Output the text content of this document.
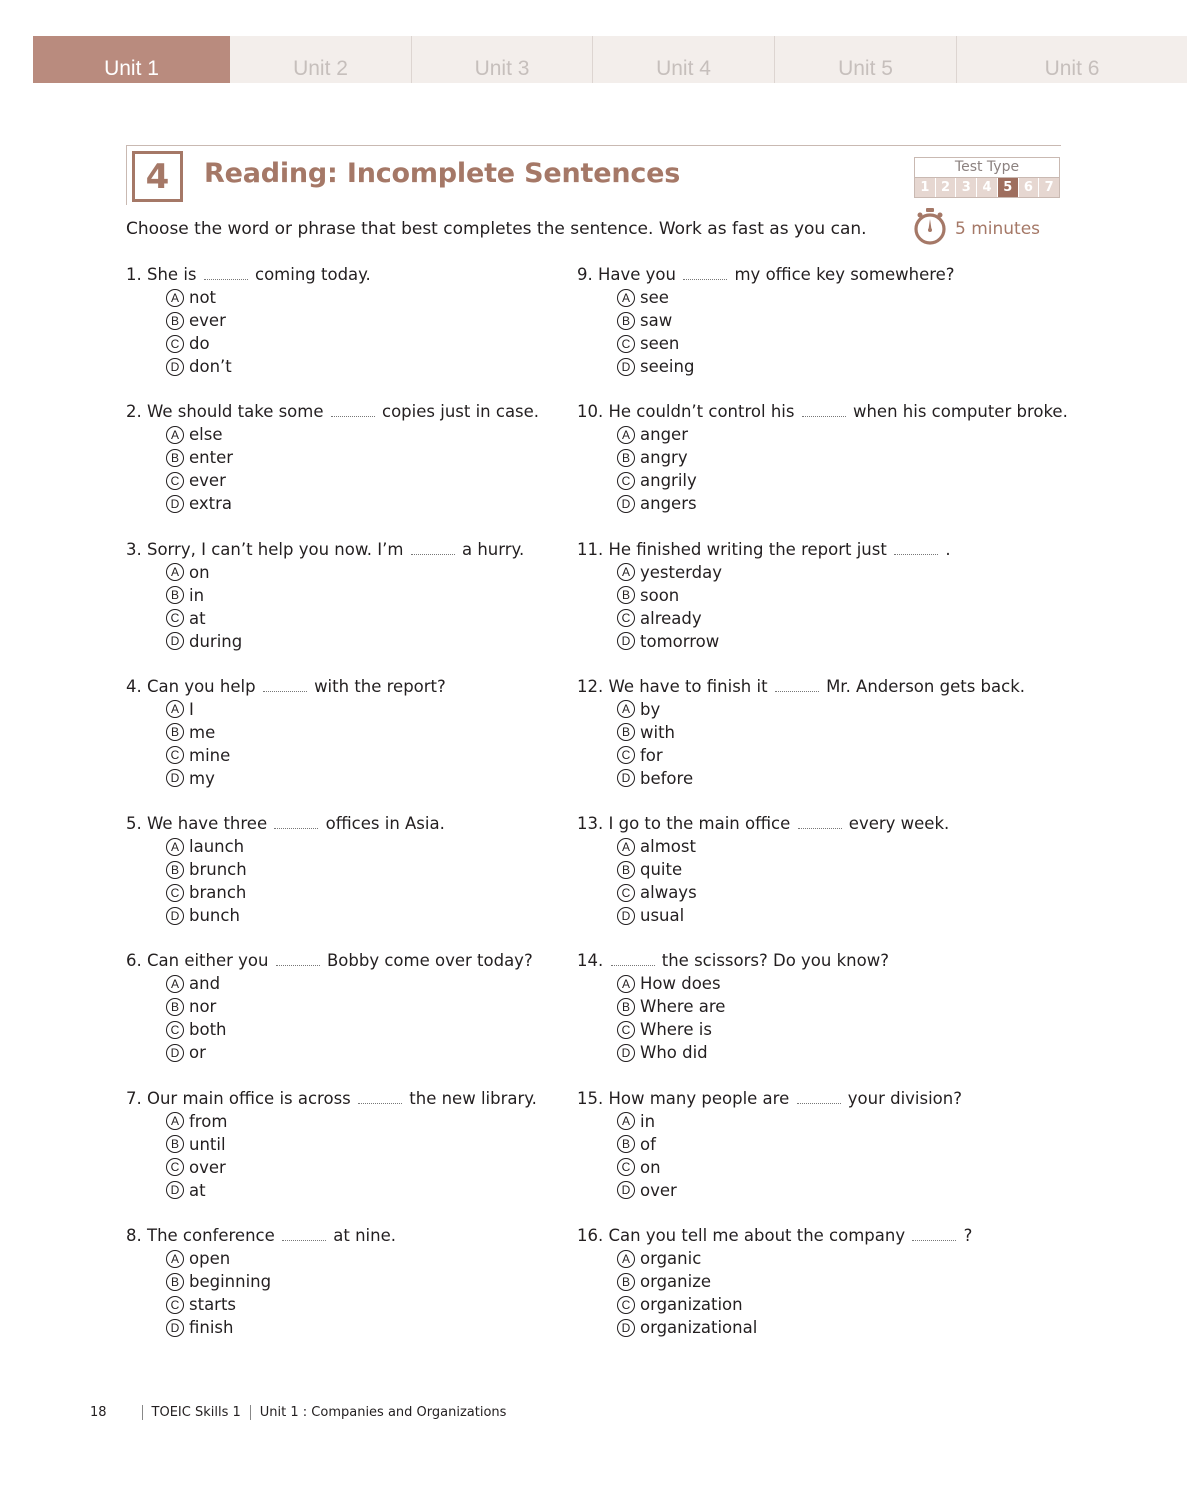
Unit 1	Unit 2	Unit 3	Unit 4	Unit 5	Unit 6
4	Reading: Incomplete Sentences	Test Type
1 2 3 4 5 6 7
Choose the word or phrase that best completes the sentence. Work as fast as you can.	5 minutes
1. She is	coming today.
A not
B ever
C do
D don’t
2. We should take some	copies just in case.
A else
B enter
C ever
D extra
3. Sorry, I can’t help you now. I’m	a hurry.
A on
B in
C at
D during
4. Can you help	with the report?
A I
B me
C mine
D my
5. We have three	offices in Asia.
A launch
B brunch
C branch
D bunch
6. Can either you	Bobby come over today?
A and
B nor
C both
D or
7. Our main office is across	the new library.
A from
B until
C over
D at
8. The conference	at nine.
A open
B beginning
C starts
D finish
9. Have you	my office key somewhere?
A see
B saw
C seen
D seeing
10. He couldn’t control his	when his computer broke.
A anger
B angry
C angrily
D angers
11. He finished writing the report just	.
A yesterday
B soon
C already
D tomorrow
12. We have to finish it	Mr. Anderson gets back.
A by
B with
C for
D before
13. I go to the main office	every week.
A almost
B quite
C always
D usual
14.	the scissors? Do you know?
A How does
B Where are
C Where is
D Who did
15. How many people are	your division?
A in
B of
C on
D over
16. Can you tell me about the company	?
A organic
B organize
C organization
D organizational
18	TOEIC Skills 1 Unit 1 : Companies and Organizations
